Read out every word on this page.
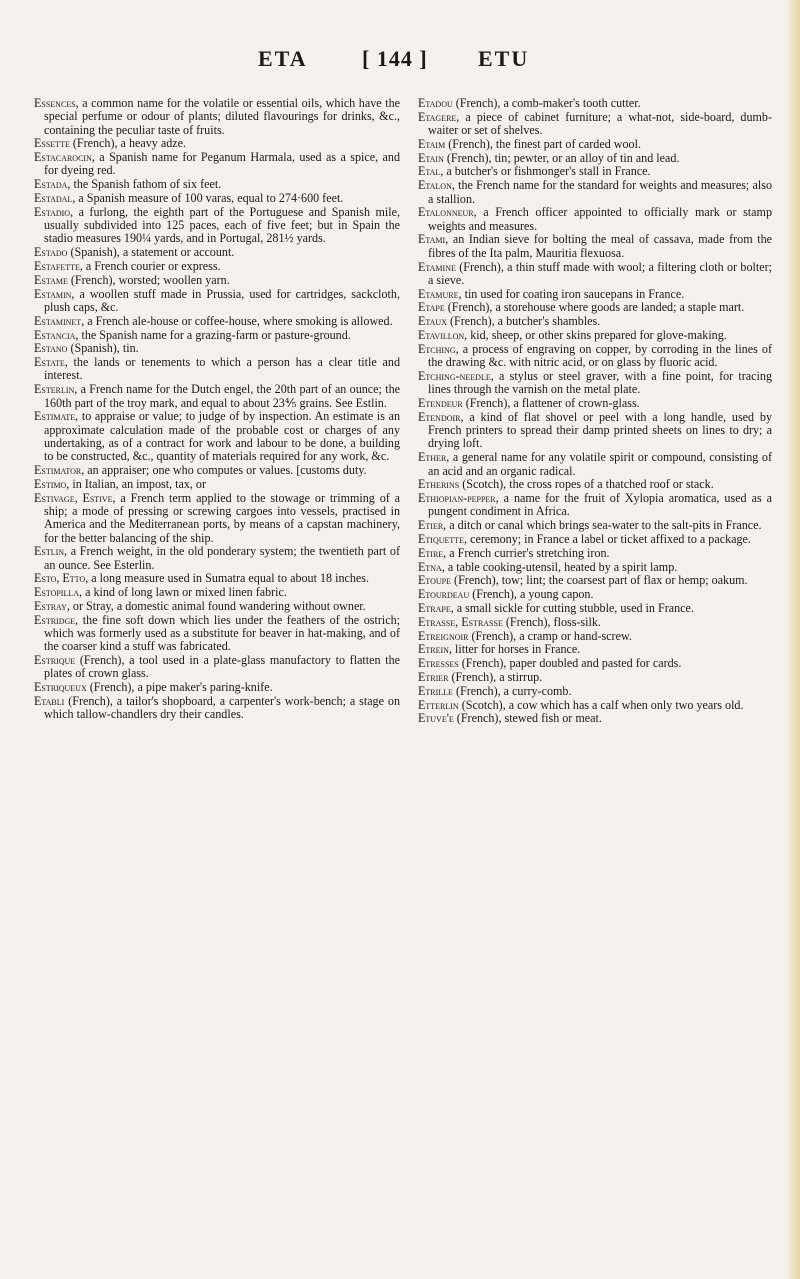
ETA [ 144 ] ETU

Essences, a common name for the volatile or essential oils, which have the special perfume or odour of plants; diluted flavourings for drinks, &c., containing the peculiar taste of fruits.

Essette (French), a heavy adze.

Estacarocin, a Spanish name for Peganum Harmala, used as a spice, and for dyeing red.

Estada, the Spanish fathom of six feet.

Estadal, a Spanish measure of 100 varas, equal to 274·600 feet.

Estadio, a furlong, the eighth part of the Portuguese and Spanish mile, usually subdivided into 125 paces, each of five feet; but in Spain the stadio measures 190¼ yards, and in Portugal, 281½ yards.

Estado (Spanish), a statement or account.

Estafette, a French courier or express.

Estame (French), worsted; woollen yarn.

Estamin, a woollen stuff made in Prussia, used for cartridges, sackcloth, plush caps, &c.

Estaminet, a French ale-house or coffee-house, where smoking is allowed.

Estancia, the Spanish name for a grazing-farm or pasture-ground.

Estano (Spanish), tin.

Estate, the lands or tenements to which a person has a clear title and interest.

Esterlin, a French name for the Dutch engel, the 20th part of an ounce; the 160th part of the troy mark, and equal to about 23⅘ grains. See Estlin.

Estimate, to appraise or value; to judge of by inspection. An estimate is an approximate calculation made of the probable cost or charges of any undertaking, as of a contract for work and labour to be done, a building to be constructed, &c., quantity of materials required for any work, &c.

Estimator, an appraiser; one who computes or values. [customs duty.

Estimo, in Italian, an impost, tax, or

Estivage, Estive, a French term applied to the stowage or trimming of a ship; a mode of pressing or screwing cargoes into vessels, practised in America and the Mediterranean ports, by means of a capstan machinery, for the better balancing of the ship.

Estlin, a French weight, in the old ponderary system; the twentieth part of an ounce. See Esterlin.

Esto, Etto, a long measure used in Sumatra equal to about 18 inches.

Estopilla, a kind of long lawn or mixed linen fabric.

Estray, or Stray, a domestic animal found wandering without owner.

Estridge, the fine soft down which lies under the feathers of the ostrich; which was formerly used as a substitute for beaver in hat-making, and of the coarser kind a stuff was fabricated.

Estrique (French), a tool used in a plate-glass manufactory to flatten the plates of crown glass.

Estriqueux (French), a pipe maker's paring-knife.

Etabli (French), a tailor's shopboard, a carpenter's work-bench; a stage on which tallow-chandlers dry their candles.

Etadou (French), a comb-maker's tooth cutter.

Etagere, a piece of cabinet furniture; a what-not, side-board, dumb-waiter or set of shelves.

Etaim (French), the finest part of carded wool.

Etain (French), tin; pewter, or an alloy of tin and lead.

Etal, a butcher's or fishmonger's stall in France.

Etalon, the French name for the standard for weights and measures; also a stallion.

Etalonneur, a French officer appointed to officially mark or stamp weights and measures.

Etami, an Indian sieve for bolting the meal of cassava, made from the fibres of the Ita palm, Mauritia flexuosa.

Etamine (French), a thin stuff made with wool; a filtering cloth or bolter; a sieve.

Etamure, tin used for coating iron saucepans in France.

Etape (French), a storehouse where goods are landed; a staple mart.

Etaux (French), a butcher's shambles.

Etavillon, kid, sheep, or other skins prepared for glove-making.

Etching, a process of engraving on copper, by corroding in the lines of the drawing &c. with nitric acid, or on glass by fluoric acid.

Etching-needle, a stylus or steel graver, with a fine point, for tracing lines through the varnish on the metal plate.

Etendeur (French), a flattener of crown-glass.

Etendoir, a kind of flat shovel or peel with a long handle, used by French printers to spread their damp printed sheets on lines to dry; a drying loft.

Ether, a general name for any volatile spirit or compound, consisting of an acid and an organic radical.

Etherins (Scotch), the cross ropes of a thatched roof or stack.

Ethiopian-pepper, a name for the fruit of Xylopia aromatica, used as a pungent condiment in Africa.

Etier, a ditch or canal which brings sea-water to the salt-pits in France.

Etiquette, ceremony; in France a label or ticket affixed to a package.

Etire, a French currier's stretching iron.

Etna, a table cooking-utensil, heated by a spirit lamp.

Etoupe (French), tow; lint; the coarsest part of flax or hemp; oakum.

Etourdeau (French), a young capon.

Etrape, a small sickle for cutting stubble, used in France.

Etrasse, Estrasse (French), floss-silk.

Etreignoir (French), a cramp or hand-screw.

Etrein, litter for horses in France.

Etresses (French), paper doubled and pasted for cards.

Etrier (French), a stirrup.

Etrille (French), a curry-comb.

Etterlin (Scotch), a cow which has a calf when only two years old.

Etuve'e (French), stewed fish or meat.
